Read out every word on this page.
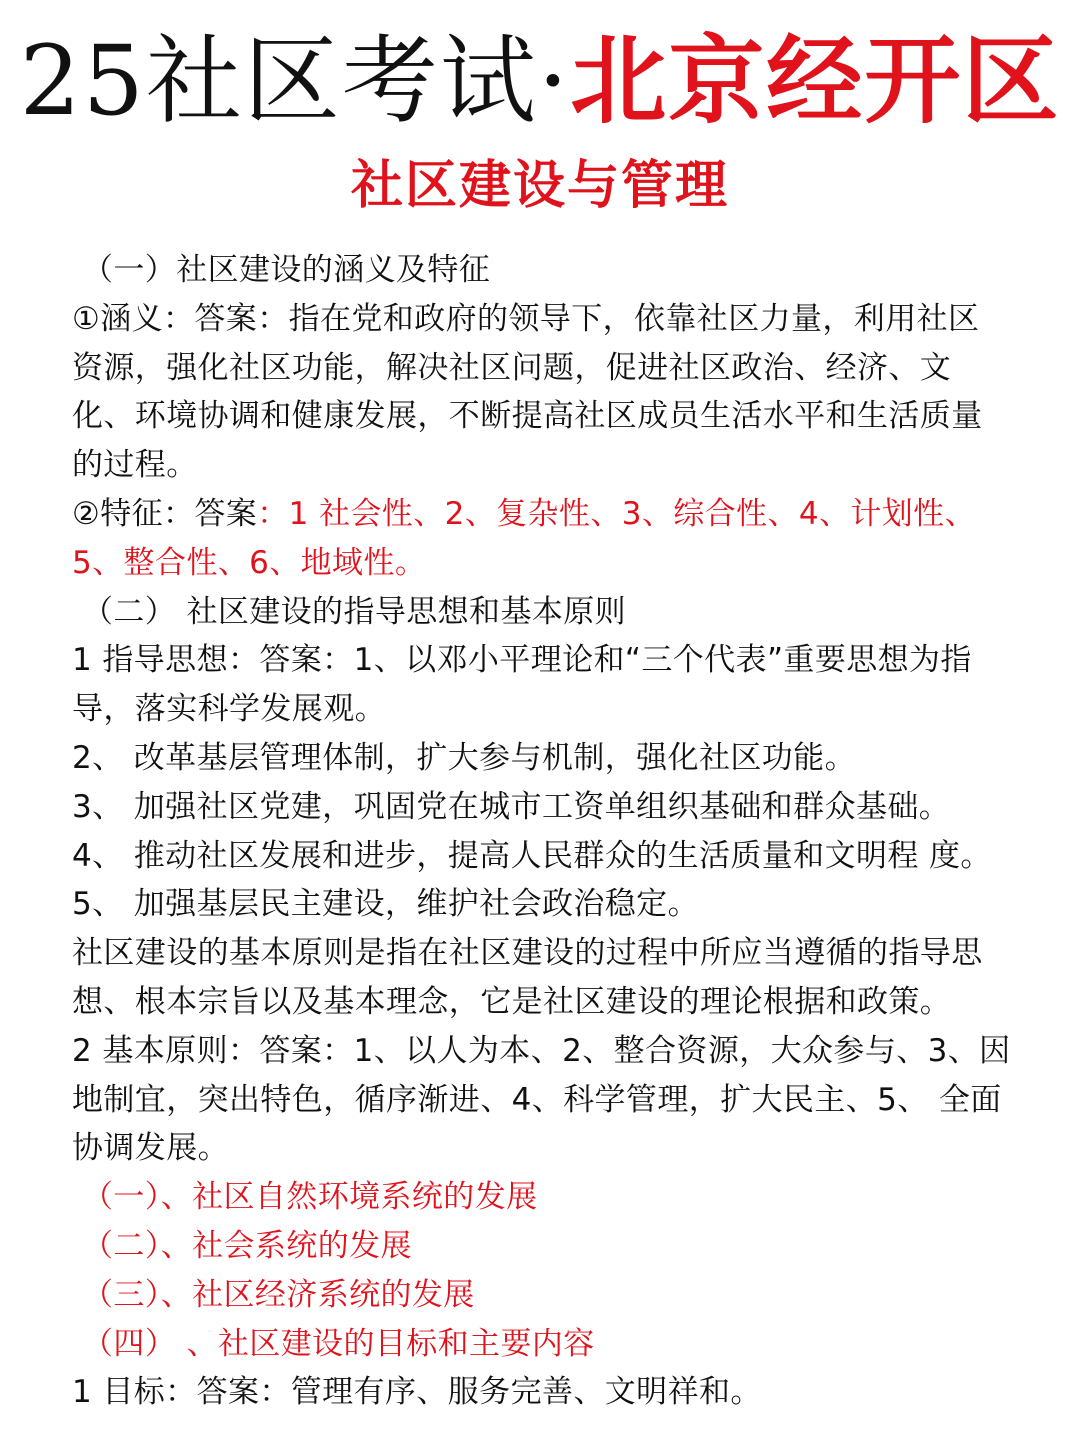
25社区考试·北京经开区
社区建设与管理
（一）社区建设的涵义及特征
①涵义：答案：指在党和政府的领导下，依靠社区力量，利用社区
资源，强化社区功能，解决社区问题，促进社区政治、经济、文
化、环境协调和健康发展，不断提高社区成员生活水平和生活质量
的过程。
②特征：答案：1 社会性、2、复杂性、3、综合性、4、计划性、
5、整合性、6、地域性。
（二） 社区建设的指导思想和基本原则
1 指导思想：答案：1、以邓小平理论和“三个代表”重要思想为指
导，落实科学发展观。
2、 改革基层管理体制，扩大参与机制，强化社区功能。
3、 加强社区党建，巩固党在城市工资单组织基础和群众基础。
4、 推动社区发展和进步，提高人民群众的生活质量和文明程 度。
5、 加强基层民主建设，维护社会政治稳定。
社区建设的基本原则是指在社区建设的过程中所应当遵循的指导思
想、根本宗旨以及基本理念，它是社区建设的理论根据和政策。
2 基本原则：答案：1、以人为本、2、整合资源，大众参与、3、因
地制宜，突出特色，循序渐进、4、科学管理，扩大民主、5、 全面
协调发展。
（一）、社区自然环境系统的发展
（二）、社会系统的发展
（三）、社区经济系统的发展
（四） 、社区建设的目标和主要内容
1 目标：答案：管理有序、服务完善、文明祥和。
